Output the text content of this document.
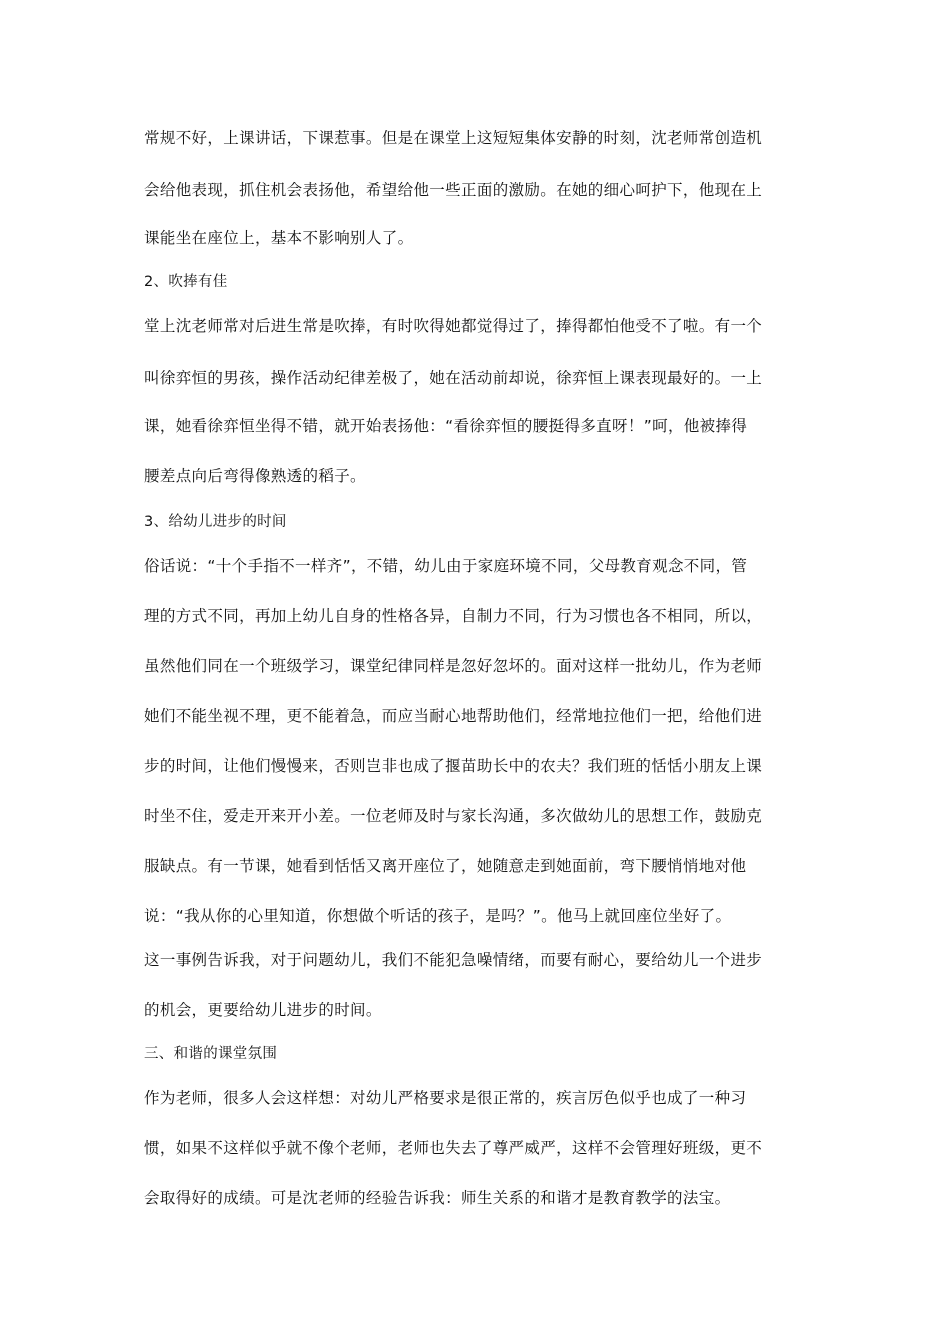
常规不好，上课讲话，下课惹事。但是在课堂上这短短集体安静的时刻，沈老师常创造机
会给他表现，抓住机会表扬他，希望给他一些正面的激励。在她的细心呵护下，他现在上
课能坐在座位上，基本不影响别人了。
2、吹捧有佳
堂上沈老师常对后进生常是吹捧，有时吹得她都觉得过了，捧得都怕他受不了啦。有一个
叫徐弈恒的男孩，操作活动纪律差极了，她在活动前却说，徐弈恒上课表现最好的。一上
课，她看徐弈恒坐得不错，就开始表扬他：“看徐弈恒的腰挺得多直呀！”呵，他被捧得
腰差点向后弯得像熟透的稻子。
3、给幼儿进步的时间
俗话说：“十个手指不一样齐”，不错，幼儿由于家庭环境不同，父母教育观念不同，管
理的方式不同，再加上幼儿自身的性格各异，自制力不同，行为习惯也各不相同，所以，
虽然他们同在一个班级学习，课堂纪律同样是忽好忽坏的。面对这样一批幼儿，作为老师
她们不能坐视不理，更不能着急，而应当耐心地帮助他们，经常地拉他们一把，给他们进
步的时间，让他们慢慢来，否则岂非也成了揠苗助长中的农夫？我们班的恬恬小朋友上课
时坐不住，爱走开来开小差。一位老师及时与家长沟通，多次做幼儿的思想工作，鼓励克
服缺点。有一节课，她看到恬恬又离开座位了，她随意走到她面前，弯下腰悄悄地对他
说：“我从你的心里知道，你想做个听话的孩子，是吗？”。他马上就回座位坐好了。
这一事例告诉我，对于问题幼儿，我们不能犯急噪情绪，而要有耐心，要给幼儿一个进步
的机会，更要给幼儿进步的时间。
三、和谐的课堂氛围
作为老师，很多人会这样想：对幼儿严格要求是很正常的，疾言厉色似乎也成了一种习
惯，如果不这样似乎就不像个老师，老师也失去了尊严威严，这样不会管理好班级，更不
会取得好的成绩。可是沈老师的经验告诉我：师生关系的和谐才是教育教学的法宝。
